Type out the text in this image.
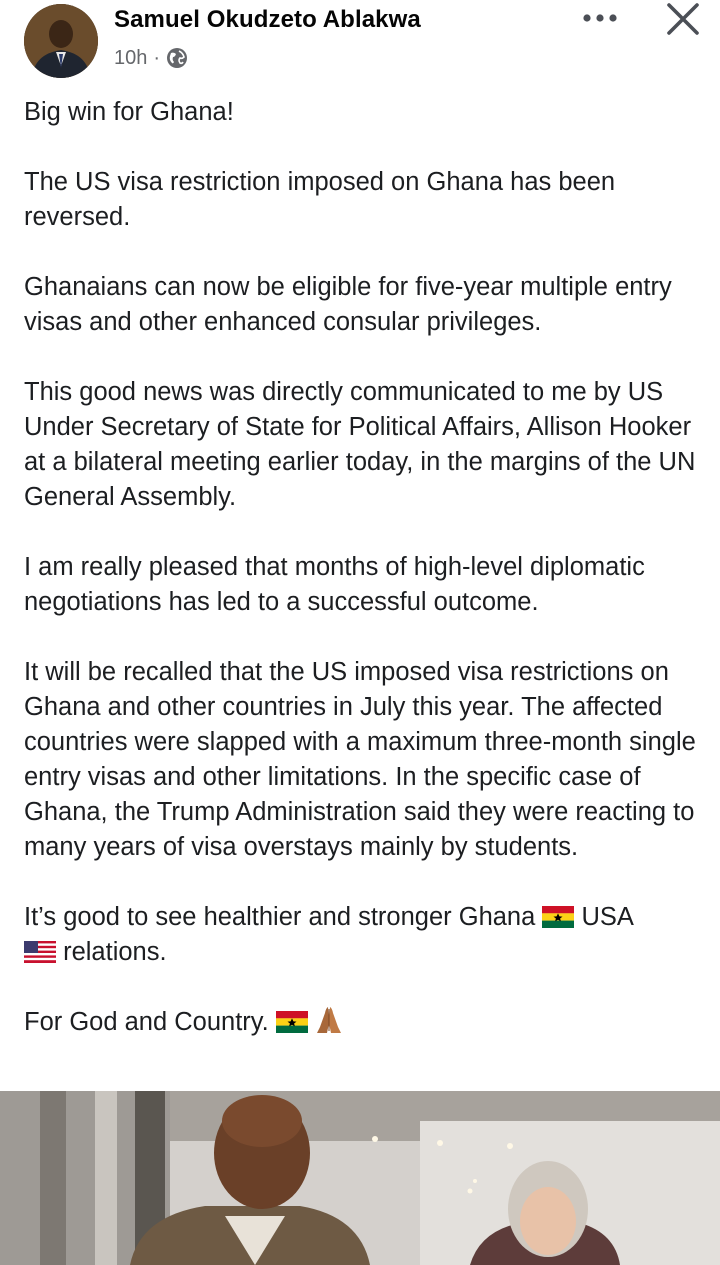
Samuel Okudzeto Ablakwa
10h ·

Big win for Ghana!

The US visa restriction imposed on Ghana has been reversed.

Ghanaians can now be eligible for five-year multiple entry visas and other enhanced consular privileges.

This good news was directly communicated to me by US Under Secretary of State for Political Affairs, Allison Hooker at a bilateral meeting earlier today, in the margins of the UN General Assembly.

I am really pleased that months of high-level diplomatic negotiations has led to a successful outcome.

It will be recalled that the US imposed visa restrictions on Ghana and other countries in July this year. The affected countries were slapped with a maximum three-month single entry visas and other limitations. In the specific case of Ghana, the Trump Administration said they were reacting to many years of visa overstays mainly by students.

It’s good to see healthier and stronger Ghana USA
relations.

For God and Country.
